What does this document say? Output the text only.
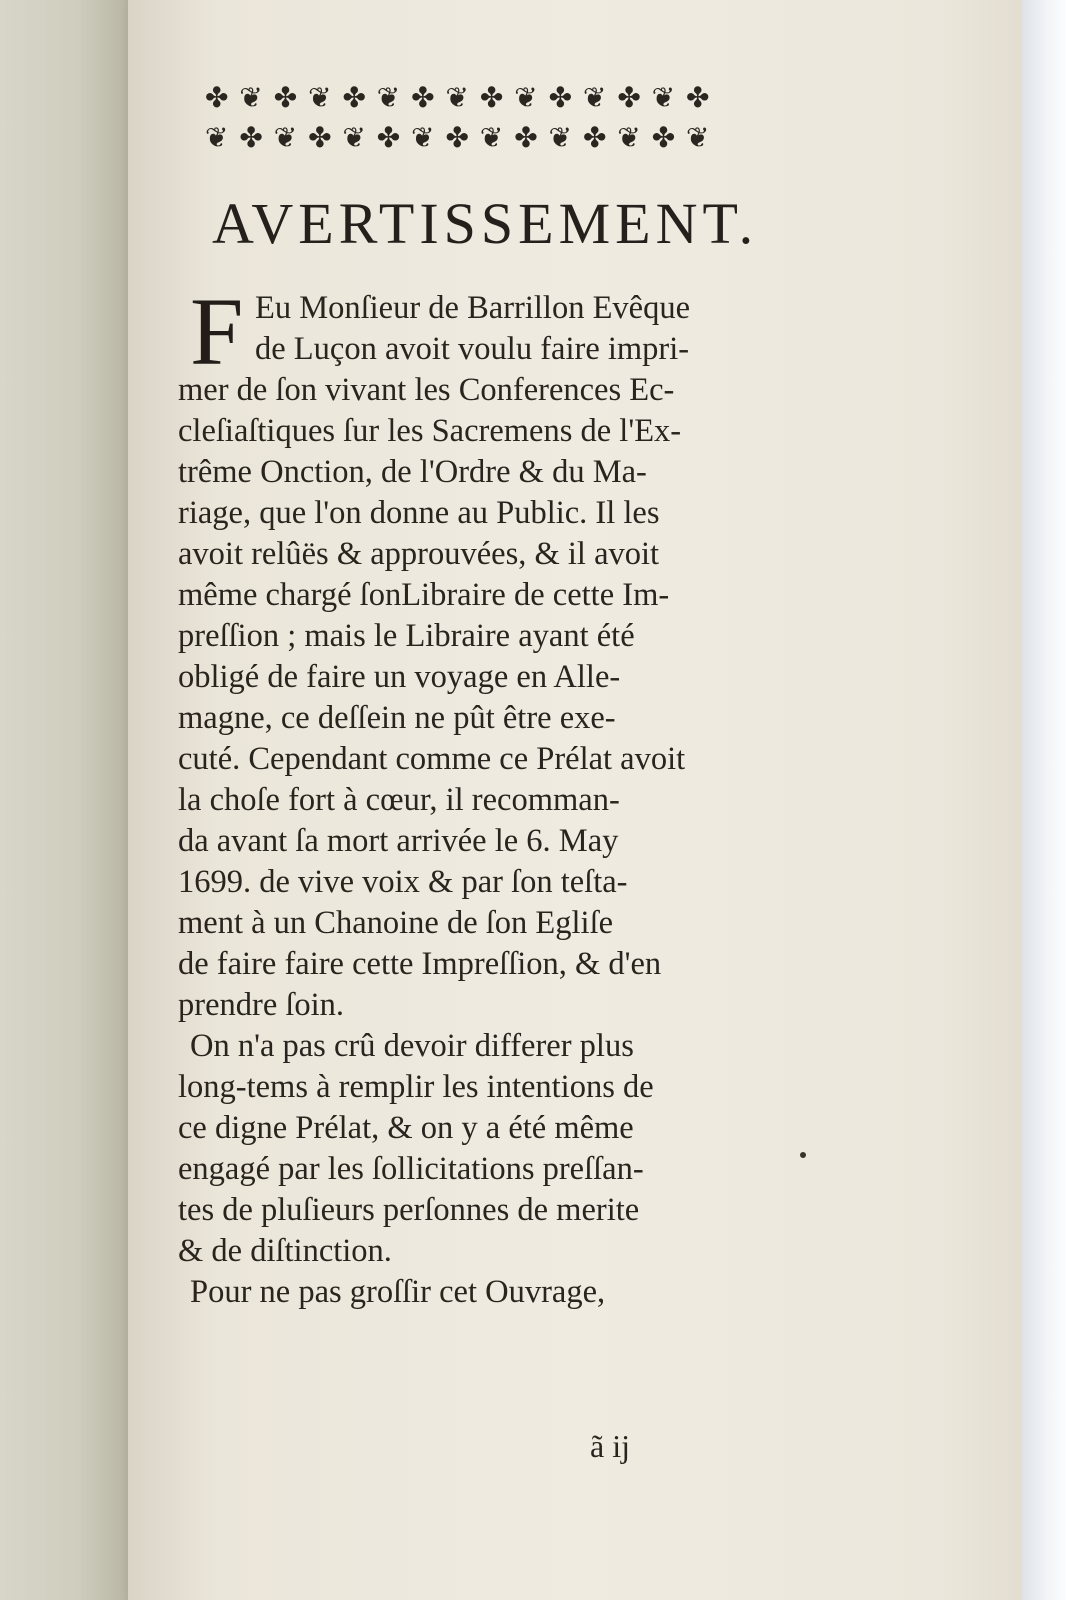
✤ ❦ ✤ ❦ ✤ ❦ ✤ ❦ ✤ ❦ ✤ ❦ ✤ ❦ ✤
❦ ✤ ❦ ✤ ❦ ✤ ❦ ✤ ❦ ✤ ❦ ✤ ❦ ✤ ❦
AVERTISSEMENT.
F Eu Monſieur de Barrillon Evêque
de Luçon avoit voulu faire impri-
mer de ſon vivant les Conferences Ec-
cleſiaſtiques ſur les Sacremens de l'Ex-
trême Onction, de l'Ordre & du Ma-
riage, que l'on donne au Public. Il les
avoit relûës & approuvées, & il avoit
même chargé ſonLibraire de cette Im-
preſſion ; mais le Libraire ayant été
obligé de faire un voyage en Alle-
magne, ce deſſein ne pût être exe-
cuté. Cependant comme ce Prélat avoit
la choſe fort à cœur, il recomman-
da avant ſa mort arrivée le 6. May
1699. de vive voix & par ſon teſta-
ment à un Chanoine de ſon Egliſe
de faire faire cette Impreſſion, & d'en
prendre ſoin.
On n'a pas crû devoir differer plus
long-tems à remplir les intentions de
ce digne Prélat, & on y a été même
engagé par les ſollicitations preſſan-
tes de pluſieurs perſonnes de merite
& de diſtinction.
Pour ne pas groſſir cet Ouvrage,
ã ij
